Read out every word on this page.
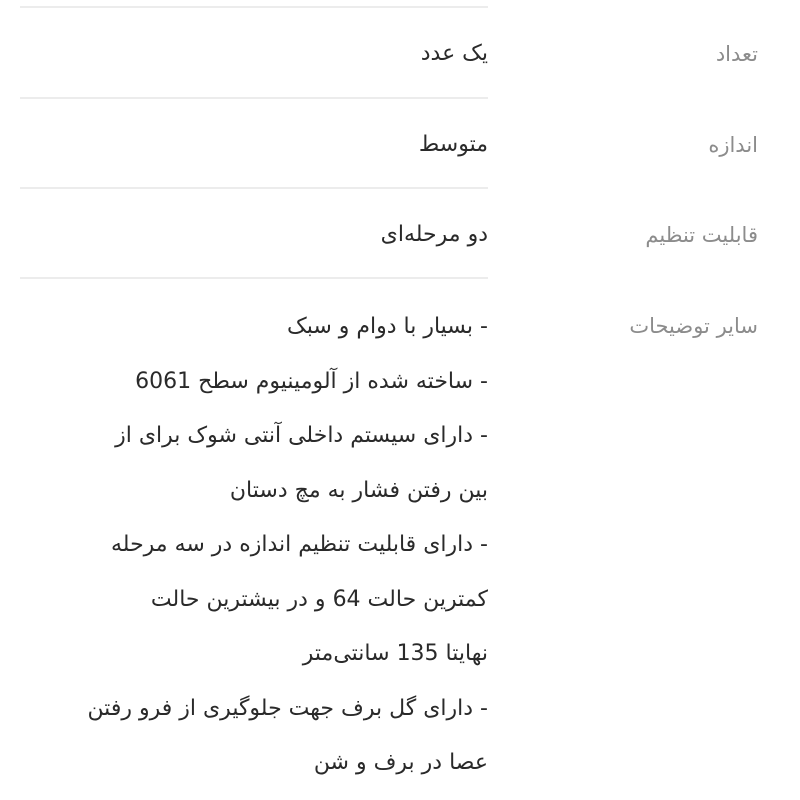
تعداد
یک عدد
اندازه
متوسط
قابلیت تنظیم
دو مرحله‌ای
سایر توضیحات
- بسیار با دوام و سبک
- ساخته شده از آلومینیوم سطح 6061
- دارای سیستم داخلی آنتی شوک برای از
بین رفتن فشار به مچ دستان
- دارای قابلیت تنظیم اندازه در سه مرحله
کمترین حالت 64 و در بیشترین حالت
نهایتا 135 سانتی‌متر
- دارای گل برف جهت جلوگیری از فرو رفتن
عصا در برف و شن
